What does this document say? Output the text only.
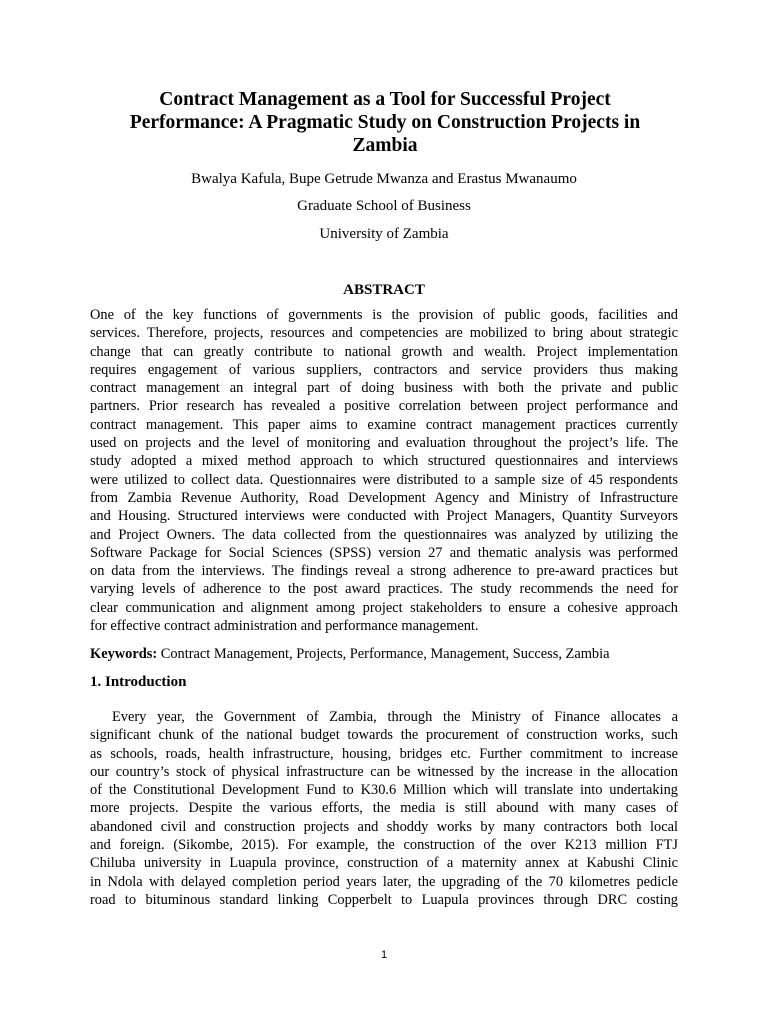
Contract Management as a Tool for Successful Project
Performance: A Pragmatic Study on Construction Projects in
Zambia

Bwalya Kafula, Bupe Getrude Mwanza and Erastus Mwanaumo

Graduate School of Business

University of Zambia

ABSTRACT

One of the key functions of governments is the provision of public goods, facilities and
services. Therefore, projects, resources and competencies are mobilized to bring about strategic
change that can greatly contribute to national growth and wealth. Project implementation
requires engagement of various suppliers, contractors and service providers thus making
contract management an integral part of doing business with both the private and public
partners. Prior research has revealed a positive correlation between project performance and
contract management. This paper aims to examine contract management practices currently
used on projects and the level of monitoring and evaluation throughout the project’s life. The
study adopted a mixed method approach to which structured questionnaires and interviews
were utilized to collect data. Questionnaires were distributed to a sample size of 45 respondents
from Zambia Revenue Authority, Road Development Agency and Ministry of Infrastructure
and Housing. Structured interviews were conducted with Project Managers, Quantity Surveyors
and Project Owners. The data collected from the questionnaires was analyzed by utilizing the
Software Package for Social Sciences (SPSS) version 27 and thematic analysis was performed
on data from the interviews. The findings reveal a strong adherence to pre-award practices but
varying levels of adherence to the post award practices. The study recommends the need for
clear communication and alignment among project stakeholders to ensure a cohesive approach
for effective contract administration and performance management.

Keywords: Contract Management, Projects, Performance, Management, Success, Zambia

1. Introduction

Every year, the Government of Zambia, through the Ministry of Finance allocates a
significant chunk of the national budget towards the procurement of construction works, such
as schools, roads, health infrastructure, housing, bridges etc. Further commitment to increase
our country’s stock of physical infrastructure can be witnessed by the increase in the allocation
of the Constitutional Development Fund to K30.6 Million which will translate into undertaking
more projects. Despite the various efforts, the media is still abound with many cases of
abandoned civil and construction projects and shoddy works by many contractors both local
and foreign. (Sikombe, 2015). For example, the construction of the over K213 million FTJ
Chiluba university in Luapula province, construction of a maternity annex at Kabushi Clinic
in Ndola with delayed completion period years later, the upgrading of the 70 kilometres pedicle
road to bituminous standard linking Copperbelt to Luapula provinces through DRC costing

1
